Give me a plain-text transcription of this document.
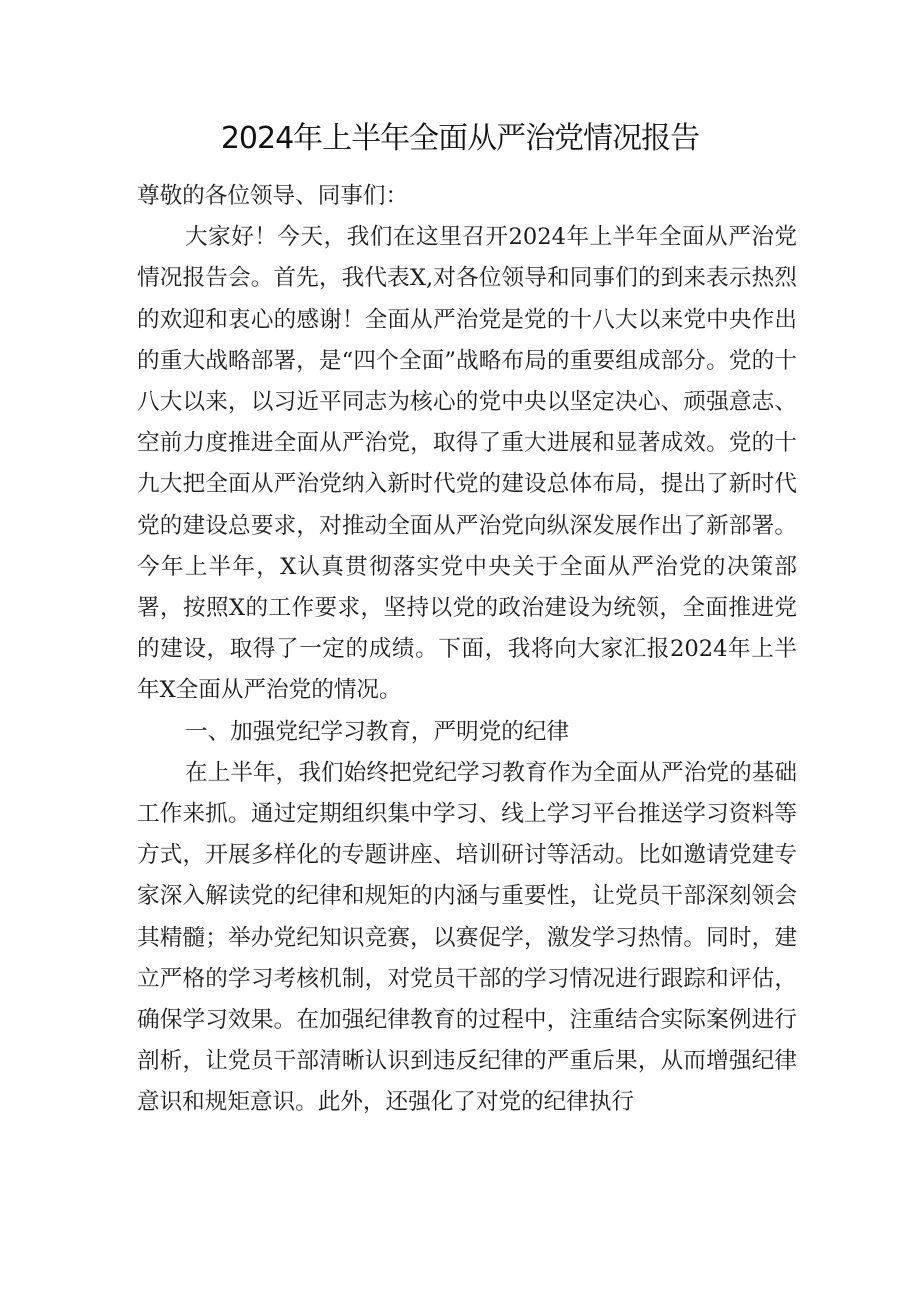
2024年上半年全面从严治党情况报告

尊敬的各位领导、同事们：

大家好！今天，我们在这里召开2024年上半年全面从严治党情况报告会。首先，我代表X,对各位领导和同事们的到来表示热烈的欢迎和衷心的感谢！全面从严治党是党的十八大以来党中央作出的重大战略部署，是“四个全面”战略布局的重要组成部分。党的十八大以来，以习近平同志为核心的党中央以坚定决心、顽强意志、空前力度推进全面从严治党，取得了重大进展和显著成效。党的十九大把全面从严治党纳入新时代党的建设总体布局，提出了新时代党的建设总要求，对推动全面从严治党向纵深发展作出了新部署。今年上半年，X认真贯彻落实党中央关于全面从严治党的决策部署，按照X的工作要求，坚持以党的政治建设为统领，全面推进党的建设，取得了一定的成绩。下面，我将向大家汇报2024年上半年X全面从严治党的情况。

一、加强党纪学习教育，严明党的纪律

在上半年，我们始终把党纪学习教育作为全面从严治党的基础工作来抓。通过定期组织集中学习、线上学习平台推送学习资料等方式，开展多样化的专题讲座、培训研讨等活动。比如邀请党建专家深入解读党的纪律和规矩的内涵与重要性，让党员干部深刻领会其精髓；举办党纪知识竞赛，以赛促学，激发学习热情。同时，建立严格的学习考核机制，对党员干部的学习情况进行跟踪和评估，确保学习效果。在加强纪律教育的过程中，注重结合实际案例进行剖析，让党员干部清晰认识到违反纪律的严重后果，从而增强纪律意识和规矩意识。此外，还强化了对党的纪律执行
